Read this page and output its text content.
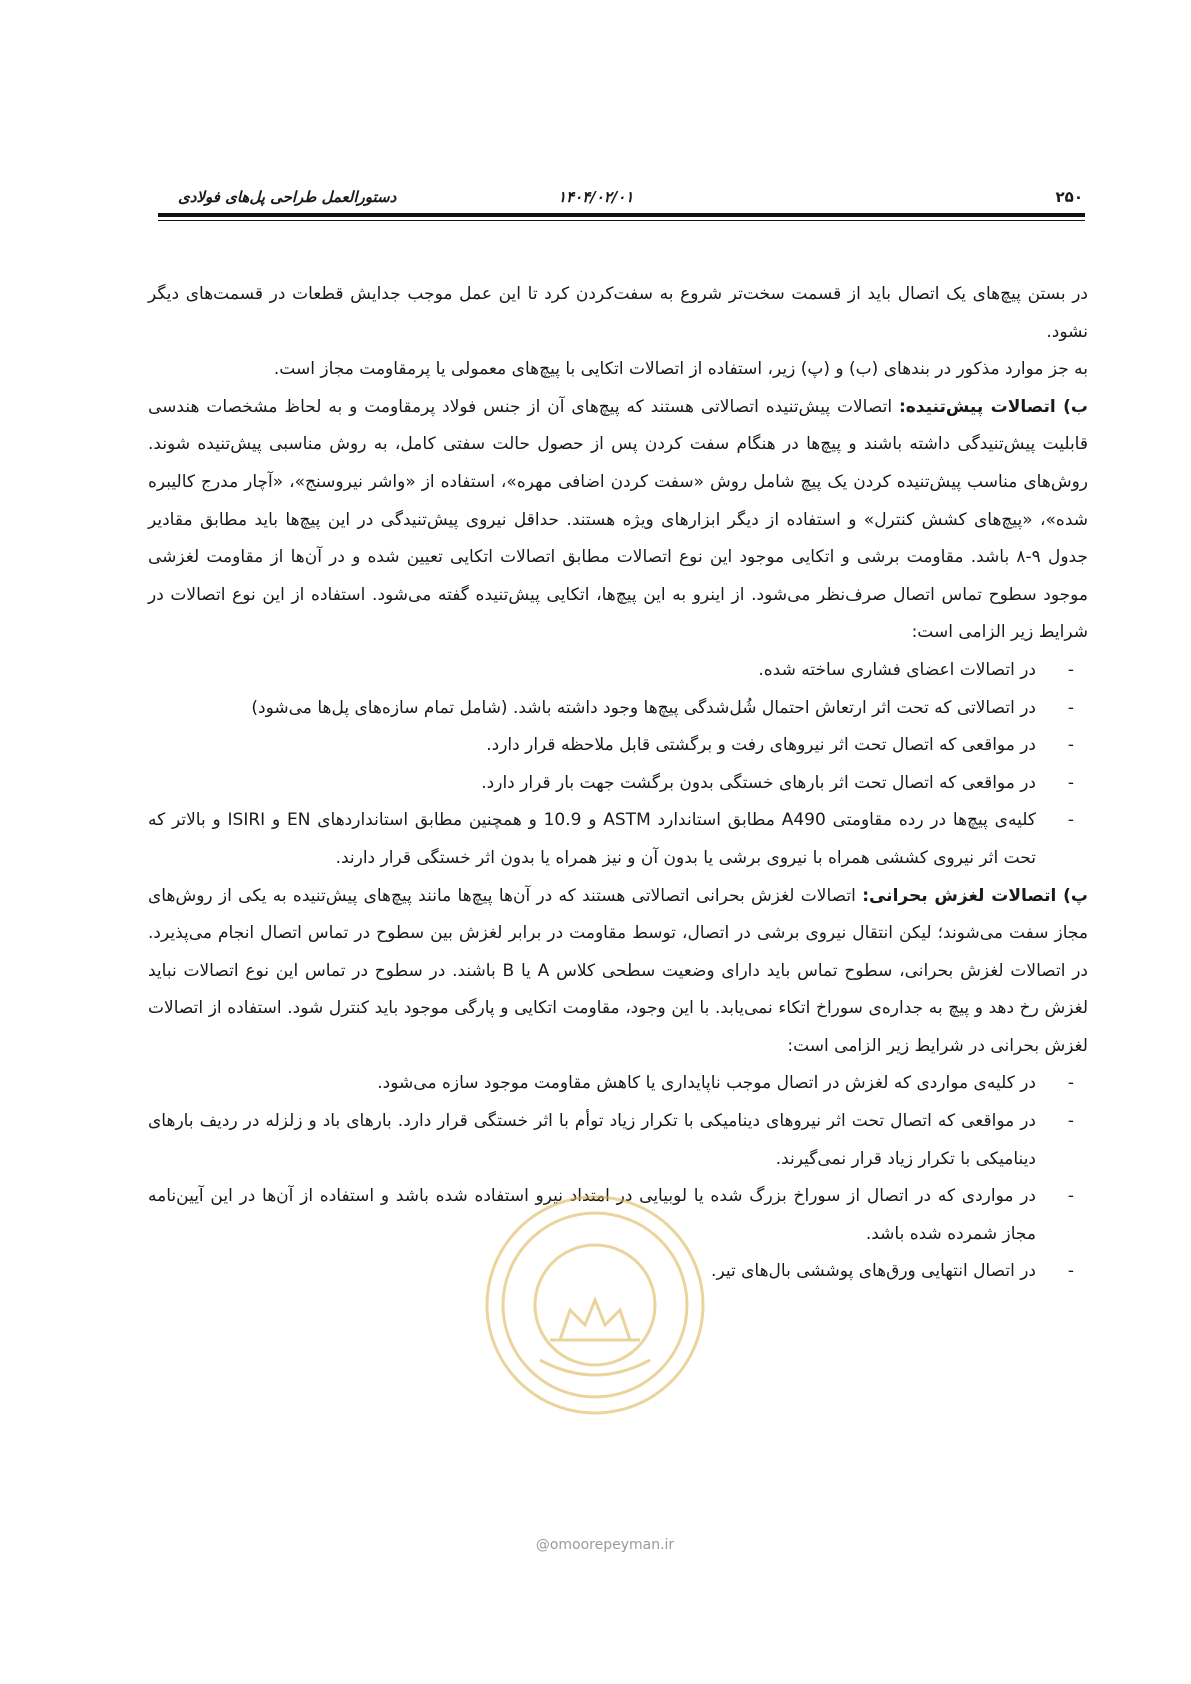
۲۵۰
۱۴۰۴/۰۲/۰۱
دستورالعمل طراحی پل‌های فولادی

در بستن پیچ‌های یک اتصال باید از قسمت سخت‌تر شروع به سفت‌کردن کرد تا این عمل موجب جدایش قطعات در قسمت‌های دیگر نشود.

به جز موارد مذکور در بندهای (ب) و (پ) زیر، استفاده از اتصالات اتکایی با پیچ‌های معمولی یا پرمقاومت مجاز است.

ب) اتصالات پیش‌تنیده: اتصالات پیش‌تنیده اتصالاتی هستند که پیچ‌های آن از جنس فولاد پرمقاومت و به لحاظ مشخصات هندسی قابلیت پیش‌تنیدگی داشته باشند و پیچ‌ها در هنگام سفت کردن پس از حصول حالت سفتی کامل، به روش مناسبی پیش‌تنیده شوند. روش‌های مناسب پیش‌تنیده کردن یک پیچ شامل روش «سفت کردن اضافی مهره»، استفاده از «واشر نیروسنج»، «آچار مدرج کالیبره شده»، «پیچ‌های کشش کنترل» و استفاده از دیگر ابزارهای ویژه هستند. حداقل نیروی پیش‌تنیدگی در این پیچ‌ها باید مطابق مقادیر جدول ۹-۸ باشد. مقاومت برشی و اتکایی موجود این نوع اتصالات مطابق اتصالات اتکایی تعیین شده و در آن‌ها از مقاومت لغزشی موجود سطوح تماس اتصال صرف‌نظر می‌شود. از اینرو به این پیچ‌ها، اتکایی پیش‌تنیده گفته می‌شود. استفاده از این نوع اتصالات در شرایط زیر الزامی است:

- در اتصالات اعضای فشاری ساخته شده.
- در اتصالاتی که تحت اثر ارتعاش احتمال شُل‌شدگی پیچ‌ها وجود داشته باشد. (شامل تمام سازه‌های پل‌ها می‌شود)
- در مواقعی که اتصال تحت اثر نیروهای رفت و برگشتی قابل ملاحظه قرار دارد.
- در مواقعی که اتصال تحت اثر بارهای خستگی بدون برگشت جهت بار قرار دارد.
- کلیه‌ی پیچ‌ها در رده مقاومتی A490 مطابق استاندارد ASTM و 10.9 و همچنین مطابق استانداردهای EN و ISIRI و بالاتر که تحت اثر نیروی کششی همراه با نیروی برشی یا بدون آن و نیز همراه یا بدون اثر خستگی قرار دارند.

پ) اتصالات لغزش بحرانی: اتصالات لغزش بحرانی اتصالاتی هستند که در آن‌ها پیچ‌ها مانند پیچ‌های پیش‌تنیده به یکی از روش‌های مجاز سفت می‌شوند؛ لیکن انتقال نیروی برشی در اتصال، توسط مقاومت در برابر لغزش بین سطوح در تماس اتصال انجام می‌پذیرد. در اتصالات لغزش بحرانی، سطوح تماس باید دارای وضعیت سطحی کلاس A یا B باشند. در سطوح در تماس این نوع اتصالات نباید لغزش رخ دهد و پیچ به جداره‌ی سوراخ اتکاء نمی‌یابد. با این وجود، مقاومت اتکایی و پارگی موجود باید کنترل شود. استفاده از اتصالات لغزش بحرانی در شرایط زیر الزامی است:

- در کلیه‌ی مواردی که لغزش در اتصال موجب ناپایداری یا کاهش مقاومت موجود سازه می‌شود.
- در مواقعی که اتصال تحت اثر نیروهای دینامیکی با تکرار زیاد توأم با اثر خستگی قرار دارد. بارهای باد و زلزله در ردیف بارهای دینامیکی با تکرار زیاد قرار نمی‌گیرند.
- در مواردی که در اتصال از سوراخ بزرگ شده یا لوبیایی در امتداد نیرو استفاده شده باشد و استفاده از آن‌ها در این آیین‌نامه مجاز شمرده شده باشد.
- در اتصال انتهایی ورق‌های پوششی بال‌های تیر.
@omoorepeyman.ir
